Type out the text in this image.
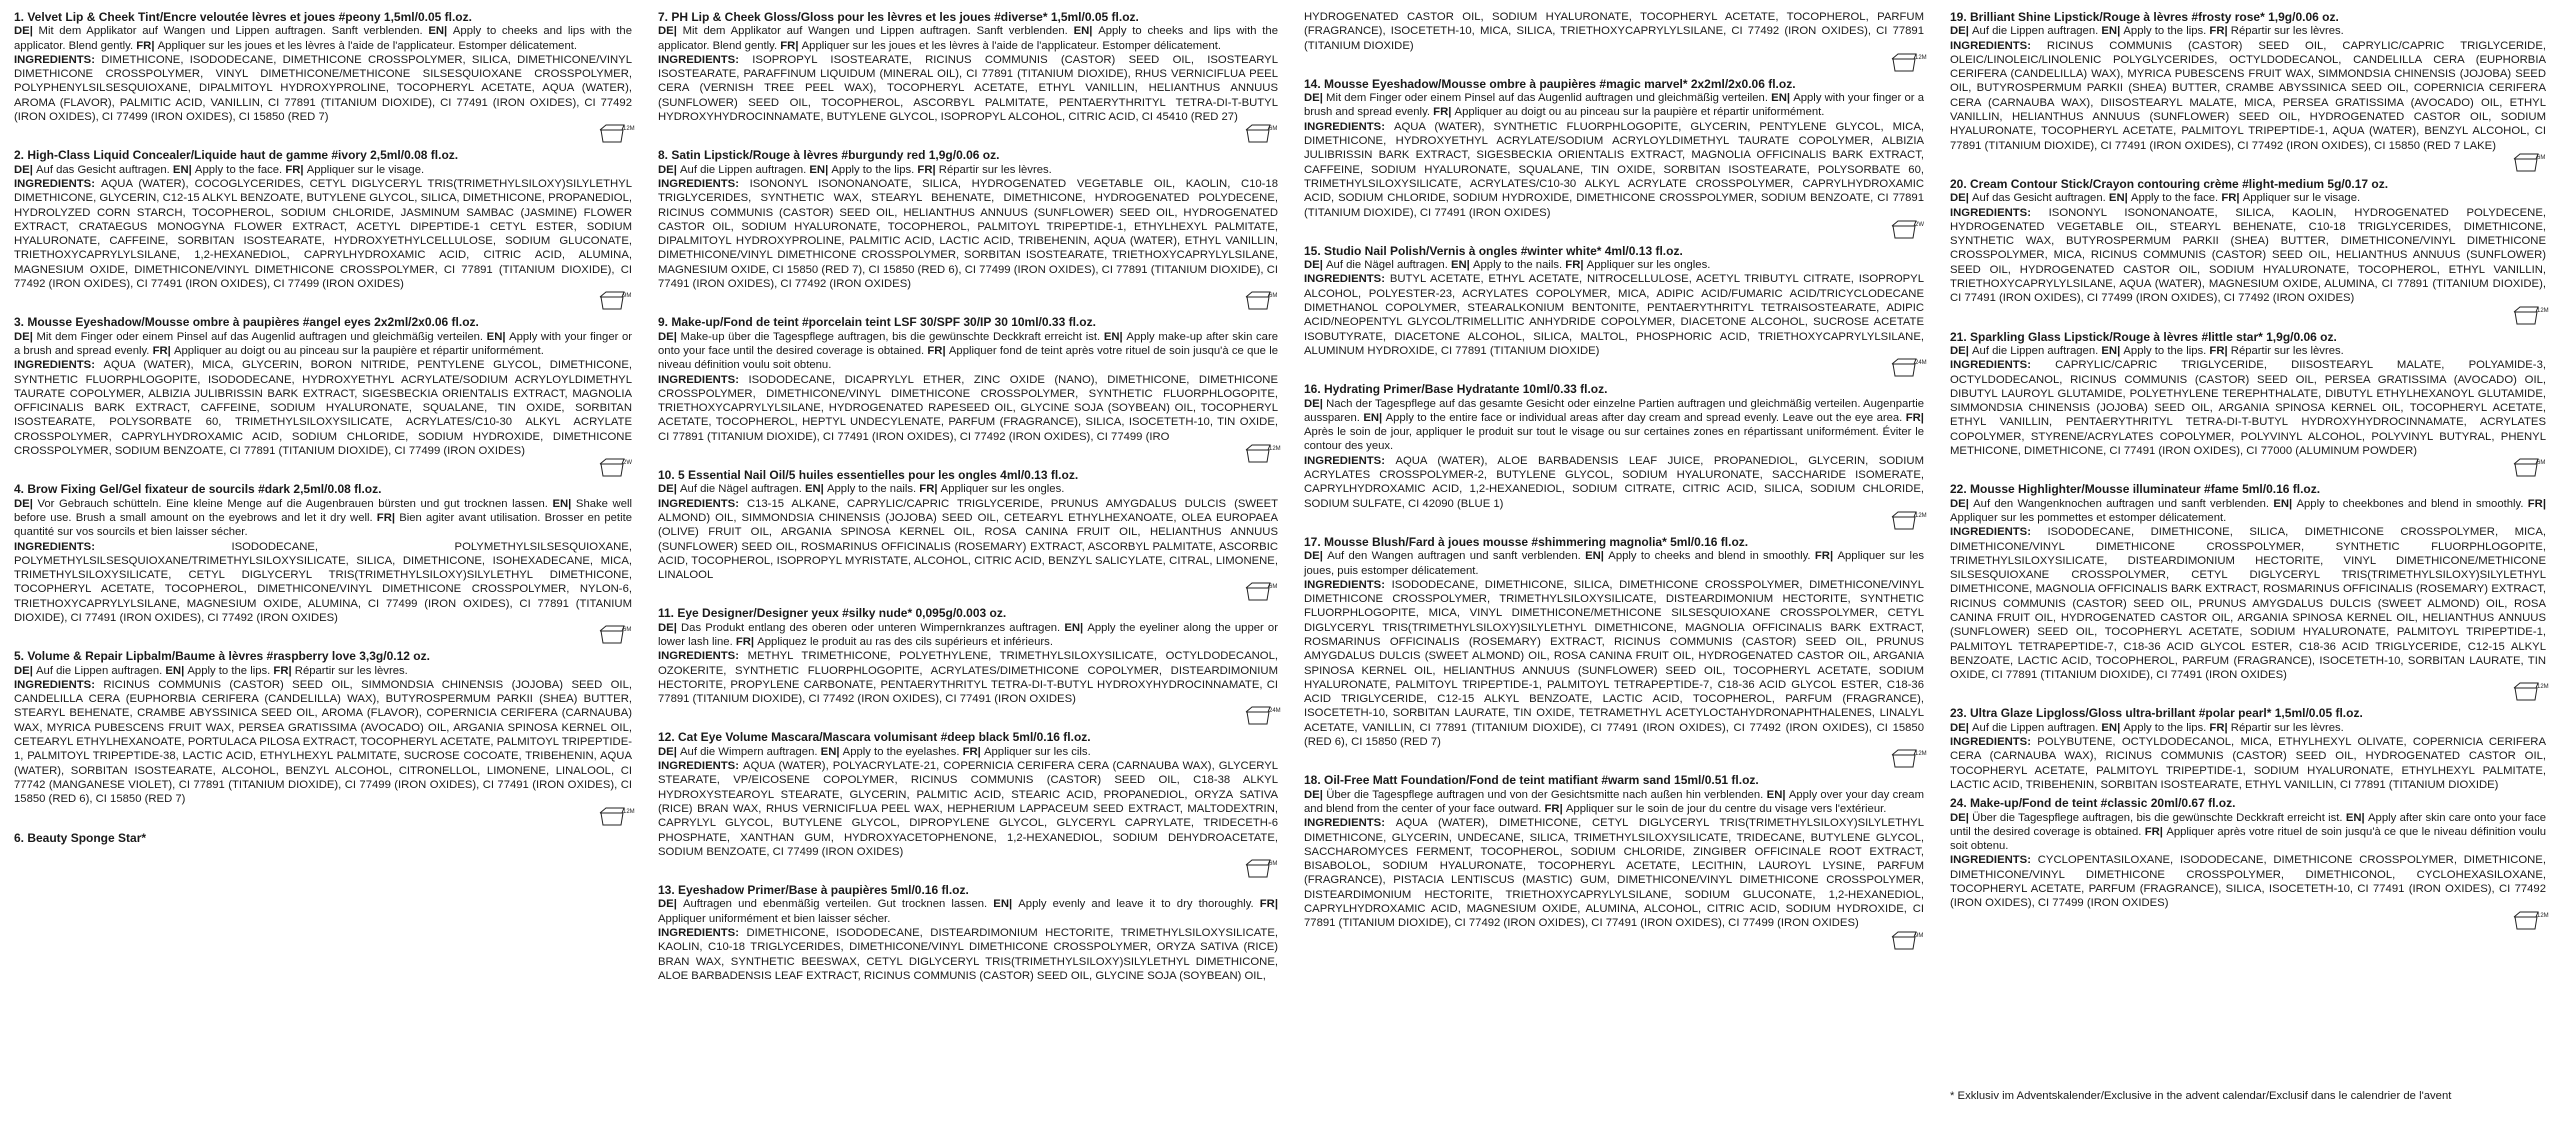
1. Velvet Lip & Cheek Tint/Encre veloutée lèvres et joues #peony 1,5ml/0.05 fl.oz.
DE| Mit dem Applikator auf Wangen und Lippen auftragen. Sanft verblenden. EN| Apply to cheeks and lips with the applicator. Blend gently. FR| Appliquer sur les joues et les lèvres à l'aide de l'applicateur. Estomper délicatement.
INGREDIENTS: DIMETHICONE, ISODODECANE, DIMETHICONE CROSSPOLYMER, SILICA, DIMETHICONE/VINYL DIMETHICONE CROSSPOLYMER, VINYL DIMETHICONE/METHICONE SILSESQUIOXANE CROSSPOLYMER, POLYPHENYLSILSESQUIOXANE, DIPALMITOYL HYDROXYPROLINE, TOCOPHERYL ACETATE, AQUA (WATER), AROMA (FLAVOR), PALMITIC ACID, VANILLIN, CI 77891 (TITANIUM DIOXIDE), CI 77491 (IRON OXIDES), CI 77492 (IRON OXIDES), CI 77499 (IRON OXIDES), CI 15850 (RED 7)
12M
2. High-Class Liquid Concealer/Liquide haut de gamme #ivory 2,5ml/0.08 fl.oz.
DE| Auf das Gesicht auftragen. EN| Apply to the face. FR| Appliquer sur le visage.
INGREDIENTS: AQUA (WATER), COCOGLYCERIDES, CETYL DIGLYCERYL TRIS(TRIMETHYLSILOXY)SILYLETHYL DIMETHICONE, GLYCERIN, C12-15 ALKYL BENZOATE, BUTYLENE GLYCOL, SILICA, DIMETHICONE, PROPANEDIOL, HYDROLYZED CORN STARCH, TOCOPHEROL, SODIUM CHLORIDE, JASMINUM SAMBAC (JASMINE) FLOWER EXTRACT, CRATAEGUS MONOGYNA FLOWER EXTRACT, ACETYL DIPEPTIDE-1 CETYL ESTER, SODIUM HYALURONATE, CAFFEINE, SORBITAN ISOSTEARATE, HYDROXYETHYLCELLULOSE, SODIUM GLUCONATE, TRIETHOXYCAPRYLYLSILANE, 1,2-HEXANEDIOL, CAPRYLHYDROXAMIC ACID, CITRIC ACID, ALUMINA, MAGNESIUM OXIDE, DIMETHICONE/VINYL DIMETHICONE CROSSPOLYMER, CI 77891 (TITANIUM DIOXIDE), CI 77492 (IRON OXIDES), CI 77491 (IRON OXIDES), CI 77499 (IRON OXIDES)
9M
3. Mousse Eyeshadow/Mousse ombre à paupières #angel eyes 2x2ml/2x0.06 fl.oz.
DE| Mit dem Finger oder einem Pinsel auf das Augenlid auftragen und gleichmäßig verteilen. EN| Apply with your finger or a brush and spread evenly. FR| Appliquer au doigt ou au pinceau sur la paupière et répartir uniformément.
INGREDIENTS: AQUA (WATER), MICA, GLYCERIN, BORON NITRIDE, PENTYLENE GLYCOL, DIMETHICONE, SYNTHETIC FLUORPHLOGOPITE, ISODODECANE, HYDROXYETHYL ACRYLATE/SODIUM ACRYLOYLDIMETHYL TAURATE COPOLYMER, ALBIZIA JULIBRISSIN BARK EXTRACT, SIGESBECKIA ORIENTALIS EXTRACT, MAGNOLIA OFFICINALIS BARK EXTRACT, CAFFEINE, SODIUM HYALURONATE, SQUALANE, TIN OXIDE, SORBITAN ISOSTEARATE, POLYSORBATE 60, TRIMETHYLSILOXYSILICATE, ACRYLATES/C10-30 ALKYL ACRYLATE CROSSPOLYMER, CAPRYLHYDROXAMIC ACID, SODIUM CHLORIDE, SODIUM HYDROXIDE, DIMETHICONE CROSSPOLYMER, SODIUM BENZOATE, CI 77891 (TITANIUM DIOXIDE), CI 77499 (IRON OXIDES)
2W
4. Brow Fixing Gel/Gel fixateur de sourcils #dark 2,5ml/0.08 fl.oz.
DE| Vor Gebrauch schütteln. Eine kleine Menge auf die Augenbrauen bürsten und gut trocknen lassen. EN| Shake well before use. Brush a small amount on the eyebrows and let it dry well. FR| Bien agiter avant utilisation. Brosser en petite quantité sur vos sourcils et bien laisser sécher.
INGREDIENTS: ISODODECANE, POLYMETHYLSILSESQUIOXANE, POLYMETHYLSILSESQUIOXANE/TRIMETHYLSILOXYSILICATE, SILICA, DIMETHICONE, ISOHEXADECANE, MICA, TRIMETHYLSILOXYSILICATE, CETYL DIGLYCERYL TRIS(TRIMETHYLSILOXY)SILYLETHYL DIMETHICONE, TOCOPHERYL ACETATE, TOCOPHEROL, DIMETHICONE/VINYL DIMETHICONE CROSSPOLYMER, NYLON-6, TRIETHOXYCAPRYLYLSILANE, MAGNESIUM OXIDE, ALUMINA, CI 77499 (IRON OXIDES), CI 77891 (TITANIUM DIOXIDE), CI 77491 (IRON OXIDES), CI 77492 (IRON OXIDES)
6M
5. Volume & Repair Lipbalm/Baume à lèvres #raspberry love 3,3g/0.12 oz.
DE| Auf die Lippen auftragen. EN| Apply to the lips. FR| Répartir sur les lèvres.
INGREDIENTS: RICINUS COMMUNIS (CASTOR) SEED OIL, SIMMONDSIA CHINENSIS (JOJOBA) SEED OIL, CANDELILLA CERA (EUPHORBIA CERIFERA (CANDELILLA) WAX), BUTYROSPERMUM PARKII (SHEA) BUTTER, STEARYL BEHENATE, CRAMBE ABYSSINICA SEED OIL, AROMA (FLAVOR), COPERNICIA CERIFERA (CARNAUBA) WAX, MYRICA PUBESCENS FRUIT WAX, PERSEA GRATISSIMA (AVOCADO) OIL, ARGANIA SPINOSA KERNEL OIL, CETEARYL ETHYLHEXANOATE, PORTULACA PILOSA EXTRACT, TOCOPHERYL ACETATE, PALMITOYL TRIPEPTIDE-1, PALMITOYL TRIPEPTIDE-38, LACTIC ACID, ETHYLHEXYL PALMITATE, SUCROSE COCOATE, TRIBEHENIN, AQUA (WATER), SORBITAN ISOSTEARATE, ALCOHOL, BENZYL ALCOHOL, CITRONELLOL, LIMONENE, LINALOOL, CI 77742 (MANGANESE VIOLET), CI 77891 (TITANIUM DIOXIDE), CI 77499 (IRON OXIDES), CI 77491 (IRON OXIDES), CI 15850 (RED 6), CI 15850 (RED 7)
12M
6. Beauty Sponge Star*
7. PH Lip & Cheek Gloss/Gloss pour les lèvres et les joues #diverse* 1,5ml/0.05 fl.oz.
DE| Mit dem Applikator auf Wangen und Lippen auftragen. Sanft verblenden. EN| Apply to cheeks and lips with the applicator. Blend gently. FR| Appliquer sur les joues et les lèvres à l'aide de l'applicateur. Estomper délicatement.
INGREDIENTS: ISOPROPYL ISOSTEARATE, RICINUS COMMUNIS (CASTOR) SEED OIL, ISOSTEARYL ISOSTEARATE, PARAFFINUM LIQUIDUM (MINERAL OIL), CI 77891 (TITANIUM DIOXIDE), RHUS VERNICIFLUA PEEL CERA (VERNISH TREE PEEL WAX), TOCOPHERYL ACETATE, ETHYL VANILLIN, HELIANTHUS ANNUUS (SUNFLOWER) SEED OIL, TOCOPHEROL, ASCORBYL PALMITATE, PENTAERYTHRITYL TETRA-DI-T-BUTYL HYDROXYHYDROCINNAMATE, BUTYLENE GLYCOL, ISOPROPYL ALCOHOL, CITRIC ACID, CI 45410 (RED 27)
6M
8. Satin Lipstick/Rouge à lèvres #burgundy red 1,9g/0.06 oz.
DE| Auf die Lippen auftragen. EN| Apply to the lips. FR| Répartir sur les lèvres.
INGREDIENTS: ISONONYL ISONONANOATE, SILICA, HYDROGENATED VEGETABLE OIL, KAOLIN, C10-18 TRIGLYCERIDES, SYNTHETIC WAX, STEARYL BEHENATE, DIMETHICONE, HYDROGENATED POLYDECENE, RICINUS COMMUNIS (CASTOR) SEED OIL, HELIANTHUS ANNUUS (SUNFLOWER) SEED OIL, HYDROGENATED CASTOR OIL, SODIUM HYALURONATE, TOCOPHEROL, PALMITOYL TRIPEPTIDE-1, ETHYLHEXYL PALMITATE, DIPALMITOYL HYDROXYPROLINE, PALMITIC ACID, LACTIC ACID, TRIBEHENIN, AQUA (WATER), ETHYL VANILLIN, DIMETHICONE/VINYL DIMETHICONE CROSSPOLYMER, SORBITAN ISOSTEARATE, TRIETHOXYCAPRYLYLSILANE, MAGNESIUM OXIDE, CI 15850 (RED 7), CI 15850 (RED 6), CI 77499 (IRON OXIDES), CI 77891 (TITANIUM DIOXIDE), CI 77491 (IRON OXIDES), CI 77492 (IRON OXIDES)
6M
9. Make-up/Fond de teint #porcelain teint LSF 30/SPF 30/IP 30 10ml/0.33 fl.oz.
DE| Make-up über die Tagespflege auftragen, bis die gewünschte Deckkraft erreicht ist. EN| Apply make-up after skin care onto your face until the desired coverage is obtained. FR| Appliquer fond de teint après votre rituel de soin jusqu'à ce que le niveau définition voulu soit obtenu.
INGREDIENTS: ISODODECANE, DICAPRYLYL ETHER, ZINC OXIDE (NANO), DIMETHICONE, DIMETHICONE CROSSPOLYMER, DIMETHICONE/VINYL DIMETHICONE CROSSPOLYMER, SYNTHETIC FLUORPHLOGOPITE, TRIETHOXYCAPRYLYLSILANE, HYDROGENATED RAPESEED OIL, GLYCINE SOJA (SOYBEAN) OIL, TOCOPHERYL ACETATE, TOCOPHEROL, HEPTYL UNDECYLENATE, PARFUM (FRAGRANCE), SILICA, ISOCETETH-10, TIN OXIDE, CI 77891 (TITANIUM DIOXIDE), CI 77491 (IRON OXIDES), CI 77492 (IRON OXIDES), CI 77499 (IRO
12M
10. 5 Essential Nail Oil/5 huiles essentielles pour les ongles 4ml/0.13 fl.oz.
DE| Auf die Nägel auftragen. EN| Apply to the nails. FR| Appliquer sur les ongles.
INGREDIENTS: C13-15 ALKANE, CAPRYLIC/CAPRIC TRIGLYCERIDE, PRUNUS AMYGDALUS DULCIS (SWEET ALMOND) OIL, SIMMONDSIA CHINENSIS (JOJOBA) SEED OIL, CETEARYL ETHYLHEXANOATE, OLEA EUROPAEA (OLIVE) FRUIT OIL, ARGANIA SPINOSA KERNEL OIL, ROSA CANINA FRUIT OIL, HELIANTHUS ANNUUS (SUNFLOWER) SEED OIL, ROSMARINUS OFFICINALIS (ROSEMARY) EXTRACT, ASCORBYL PALMITATE, ASCORBIC ACID, TOCOPHEROL, ISOPROPYL MYRISTATE, ALCOHOL, CITRIC ACID, BENZYL SALICYLATE, CITRAL, LIMONENE, LINALOOL
6M
11. Eye Designer/Designer yeux #silky nude* 0,095g/0.003 oz.
DE| Das Produkt entlang des oberen oder unteren Wimpernkranzes auftragen. EN| Apply the eyeliner along the upper or lower lash line. FR| Appliquez le produit au ras des cils supérieurs et inférieurs.
INGREDIENTS: METHYL TRIMETHICONE, POLYETHYLENE, TRIMETHYLSILOXYSILICATE, OCTYLDODECANOL, OZOKERITE, SYNTHETIC FLUORPHLOGOPITE, ACRYLATES/DIMETHICONE COPOLYMER, DISTEARDIMONIUM HECTORITE, PROPYLENE CARBONATE, PENTAERYTHRITYL TETRA-DI-T-BUTYL HYDROXYHYDROCINNAMATE, CI 77891 (TITANIUM DIOXIDE), CI 77492 (IRON OXIDES), CI 77491 (IRON OXIDES)
24M
12. Cat Eye Volume Mascara/Mascara volumisant #deep black 5ml/0.16 fl.oz.
DE| Auf die Wimpern auftragen. EN| Apply to the eyelashes. FR| Appliquer sur les cils.
INGREDIENTS: AQUA (WATER), POLYACRYLATE-21, COPERNICIA CERIFERA CERA (CARNAUBA WAX), GLYCERYL STEARATE, VP/EICOSENE COPOLYMER, RICINUS COMMUNIS (CASTOR) SEED OIL, C18-38 ALKYL HYDROXYSTEAROYL STEARATE, GLYCERIN, PALMITIC ACID, STEARIC ACID, PROPANEDIOL, ORYZA SATIVA (RICE) BRAN WAX, RHUS VERNICIFLUA PEEL WAX, HEPHERIUM LAPPACEUM SEED EXTRACT, MALTODEXTRIN, CAPRYLYL GLYCOL, BUTYLENE GLYCOL, DIPROPYLENE GLYCOL, GLYCERYL CAPRYLATE, TRIDECETH-6 PHOSPHATE, XANTHAN GUM, HYDROXYACETOPHENONE, 1,2-HEXANEDIOL, SODIUM DEHYDROACETATE, SODIUM BENZOATE, CI 77499 (IRON OXIDES)
6M
13. Eyeshadow Primer/Base à paupières 5ml/0.16 fl.oz.
DE| Auftragen und ebenmäßig verteilen. Gut trocknen lassen. EN| Apply evenly and leave it to dry thoroughly. FR| Appliquer uniformément et bien laisser sécher.
INGREDIENTS: DIMETHICONE, ISODODECANE, DISTEARDIMONIUM HECTORITE, TRIMETHYLSILOXYSILICATE, KAOLIN, C10-18 TRIGLYCERIDES, DIMETHICONE/VINYL DIMETHICONE CROSSPOLYMER, ORYZA SATIVA (RICE) BRAN WAX, SYNTHETIC BEESWAX, CETYL DIGLYCERYL TRIS(TRIMETHYLSILOXY)SILYLETHYL DIMETHICONE, ALOE BARBADENSIS LEAF EXTRACT, RICINUS COMMUNIS (CASTOR) SEED OIL, GLYCINE SOJA (SOYBEAN) OIL,
HYDROGENATED CASTOR OIL, SODIUM HYALURONATE, TOCOPHERYL ACETATE, TOCOPHEROL, PARFUM (FRAGRANCE), ISOCETETH-10, MICA, SILICA, TRIETHOXYCAPRYLYLSILANE, CI 77492 (IRON OXIDES), CI 77891 (TITANIUM DIOXIDE)
12M
14. Mousse Eyeshadow/Mousse ombre à paupières #magic marvel* 2x2ml/2x0.06 fl.oz.
DE| Mit dem Finger oder einem Pinsel auf das Augenlid auftragen und gleichmäßig verteilen. EN| Apply with your finger or a brush and spread evenly. FR| Appliquer au doigt ou au pinceau sur la paupière et répartir uniformément.
INGREDIENTS: AQUA (WATER), SYNTHETIC FLUORPHLOGOPITE, GLYCERIN, PENTYLENE GLYCOL, MICA, DIMETHICONE, HYDROXYETHYL ACRYLATE/SODIUM ACRYLOYLDIMETHYL TAURATE COPOLYMER, ALBIZIA JULIBRISSIN BARK EXTRACT, SIGESBECKIA ORIENTALIS EXTRACT, MAGNOLIA OFFICINALIS BARK EXTRACT, CAFFEINE, SODIUM HYALURONATE, SQUALANE, TIN OXIDE, SORBITAN ISOSTEARATE, POLYSORBATE 60, TRIMETHYLSILOXYSILICATE, ACRYLATES/C10-30 ALKYL ACRYLATE CROSSPOLYMER, CAPRYLHYDROXAMIC ACID, SODIUM CHLORIDE, SODIUM HYDROXIDE, DIMETHICONE CROSSPOLYMER, SODIUM BENZOATE, CI 77891 (TITANIUM DIOXIDE), CI 77491 (IRON OXIDES)
2W
15. Studio Nail Polish/Vernis à ongles #winter white* 4ml/0.13 fl.oz.
DE| Auf die Nägel auftragen. EN| Apply to the nails. FR| Appliquer sur les ongles.
INGREDIENTS: BUTYL ACETATE, ETHYL ACETATE, NITROCELLULOSE, ACETYL TRIBUTYL CITRATE, ISOPROPYL ALCOHOL, POLYESTER-23, ACRYLATES COPOLYMER, MICA, ADIPIC ACID/FUMARIC ACID/TRICYCLODECANE DIMETHANOL COPOLYMER, STEARALKONIUM BENTONITE, PENTAERYTHRITYL TETRAISOSTEARATE, ADIPIC ACID/NEOPENTYL GLYCOL/TRIMELLITIC ANHYDRIDE COPOLYMER, DIACETONE ALCOHOL, SUCROSE ACETATE ISOBUTYRATE, DIACETONE ALCOHOL, SILICA, MALTOL, PHOSPHORIC ACID, TRIETHOXYCAPRYLYLSILANE, ALUMINUM HYDROXIDE, CI 77891 (TITANIUM DIOXIDE)
24M
16. Hydrating Primer/Base Hydratante 10ml/0.33 fl.oz.
DE| Nach der Tagespflege auf das gesamte Gesicht oder einzelne Partien auftragen und gleichmäßig verteilen. Augenpartie aussparen. EN| Apply to the entire face or individual areas after day cream and spread evenly. Leave out the eye area. FR| Après le soin de jour, appliquer le produit sur tout le visage ou sur certaines zones en répartissant uniformément. Éviter le contour des yeux.
INGREDIENTS: AQUA (WATER), ALOE BARBADENSIS LEAF JUICE, PROPANEDIOL, GLYCERIN, SODIUM ACRYLATES CROSSPOLYMER-2, BUTYLENE GLYCOL, SODIUM HYALURONATE, SACCHARIDE ISOMERATE, CAPRYLHYDROXAMIC ACID, 1,2-HEXANEDIOL, SODIUM CITRATE, CITRIC ACID, SILICA, SODIUM CHLORIDE, SODIUM SULFATE, CI 42090 (BLUE 1)
12M
17. Mousse Blush/Fard à joues mousse #shimmering magnolia* 5ml/0.16 fl.oz.
DE| Auf den Wangen auftragen und sanft verblenden. EN| Apply to cheeks and blend in smoothly. FR| Appliquer sur les joues, puis estomper délicatement.
INGREDIENTS: ISODODECANE, DIMETHICONE, SILICA, DIMETHICONE CROSSPOLYMER, DIMETHICONE/VINYL DIMETHICONE CROSSPOLYMER, TRIMETHYLSILOXYSILICATE, DISTEARDIMONIUM HECTORITE, SYNTHETIC FLUORPHLOGOPITE, MICA, VINYL DIMETHICONE/METHICONE SILSESQUIOXANE CROSSPOLYMER, CETYL DIGLYCERYL TRIS(TRIMETHYLSILOXY)SILYLETHYL DIMETHICONE, MAGNOLIA OFFICINALIS BARK EXTRACT, ROSMARINUS OFFICINALIS (ROSEMARY) EXTRACT, RICINUS COMMUNIS (CASTOR) SEED OIL, PRUNUS AMYGDALUS DULCIS (SWEET ALMOND) OIL, ROSA CANINA FRUIT OIL, HYDROGENATED CASTOR OIL, ARGANIA SPINOSA KERNEL OIL, HELIANTHUS ANNUUS (SUNFLOWER) SEED OIL, TOCOPHERYL ACETATE, SODIUM HYALURONATE, PALMITOYL TRIPEPTIDE-1, PALMITOYL TETRAPEPTIDE-7, C18-36 ACID GLYCOL ESTER, C18-36 ACID TRIGLYCERIDE, C12-15 ALKYL BENZOATE, LACTIC ACID, TOCOPHEROL, PARFUM (FRAGRANCE), ISOCETETH-10, SORBITAN LAURATE, TIN OXIDE, TETRAMETHYL ACETYLOCTAHYDRONAPHTHALENES, LINALYL ACETATE, VANILLIN, CI 77891 (TITANIUM DIOXIDE), CI 77491 (IRON OXIDES), CI 77492 (IRON OXIDES), CI 15850 (RED 6), CI 15850 (RED 7)
12M
18. Oil-Free Matt Foundation/Fond de teint matifiant #warm sand 15ml/0.51 fl.oz.
DE| Über die Tagespflege auftragen und von der Gesichtsmitte nach außen hin verblenden. EN| Apply over your day cream and blend from the center of your face outward. FR| Appliquer sur le soin de jour du centre du visage vers l'extérieur.
INGREDIENTS: AQUA (WATER), DIMETHICONE, CETYL DIGLYCERYL TRIS(TRIMETHYLSILOXY)SILYLETHYL DIMETHICONE, GLYCERIN, UNDECANE, SILICA, TRIMETHYLSILOXYSILICATE, TRIDECANE, BUTYLENE GLYCOL, SACCHAROMYCES FERMENT, TOCOPHEROL, SODIUM CHLORIDE, ZINGIBER OFFICINALE ROOT EXTRACT, BISABOLOL, SODIUM HYALURONATE, TOCOPHERYL ACETATE, LECITHIN, LAUROYL LYSINE, PARFUM (FRAGRANCE), PISTACIA LENTISCUS (MASTIC) GUM, DIMETHICONE/VINYL DIMETHICONE CROSSPOLYMER, DISTEARDIMONIUM HECTORITE, TRIETHOXYCAPRYLYLSILANE, SODIUM GLUCONATE, 1,2-HEXANEDIOL, CAPRYLHYDROXAMIC ACID, MAGNESIUM OXIDE, ALUMINA, ALCOHOL, CITRIC ACID, SODIUM HYDROXIDE, CI 77891 (TITANIUM DIOXIDE), CI 77492 (IRON OXIDES), CI 77491 (IRON OXIDES), CI 77499 (IRON OXIDES)
9M
19. Brilliant Shine Lipstick/Rouge à lèvres #frosty rose* 1,9g/0.06 oz.
DE| Auf die Lippen auftragen. EN| Apply to the lips. FR| Répartir sur les lèvres.
INGREDIENTS: RICINUS COMMUNIS (CASTOR) SEED OIL, CAPRYLIC/CAPRIC TRIGLYCERIDE, OLEIC/LINOLEIC/LINOLENIC POLYGLYCERIDES, OCTYLDODECANOL, CANDELILLA CERA (EUPHORBIA CERIFERA (CANDELILLA) WAX), MYRICA PUBESCENS FRUIT WAX, SIMMONDSIA CHINENSIS (JOJOBA) SEED OIL, BUTYROSPERMUM PARKII (SHEA) BUTTER, CRAMBE ABYSSINICA SEED OIL, COPERNICIA CERIFERA CERA (CARNAUBA WAX), DIISOSTEARYL MALATE, MICA, PERSEA GRATISSIMA (AVOCADO) OIL, ETHYL VANILLIN, HELIANTHUS ANNUUS (SUNFLOWER) SEED OIL, HYDROGENATED CASTOR OIL, SODIUM HYALURONATE, TOCOPHERYL ACETATE, PALMITOYL TRIPEPTIDE-1, AQUA (WATER), BENZYL ALCOHOL, CI 77891 (TITANIUM DIOXIDE), CI 77491 (IRON OXIDES), CI 77492 (IRON OXIDES), CI 15850 (RED 7 LAKE)
6M
20. Cream Contour Stick/Crayon contouring crème #light-medium 5g/0.17 oz.
DE| Auf das Gesicht auftragen. EN| Apply to the face. FR| Appliquer sur le visage.
INGREDIENTS: ISONONYL ISONONANOATE, SILICA, KAOLIN, HYDROGENATED POLYDECENE, HYDROGENATED VEGETABLE OIL, STEARYL BEHENATE, C10-18 TRIGLYCERIDES, DIMETHICONE, SYNTHETIC WAX, BUTYROSPERMUM PARKII (SHEA) BUTTER, DIMETHICONE/VINYL DIMETHICONE CROSSPOLYMER, MICA, RICINUS COMMUNIS (CASTOR) SEED OIL, HELIANTHUS ANNUUS (SUNFLOWER) SEED OIL, HYDROGENATED CASTOR OIL, SODIUM HYALURONATE, TOCOPHEROL, ETHYL VANILLIN, TRIETHOXYCAPRYLYLSILANE, AQUA (WATER), MAGNESIUM OXIDE, ALUMINA, CI 77891 (TITANIUM DIOXIDE), CI 77491 (IRON OXIDES), CI 77499 (IRON OXIDES), CI 77492 (IRON OXIDES)
12M
21. Sparkling Glass Lipstick/Rouge à lèvres #little star* 1,9g/0.06 oz.
DE| Auf die Lippen auftragen. EN| Apply to the lips. FR| Répartir sur les lèvres.
INGREDIENTS: CAPRYLIC/CAPRIC TRIGLYCERIDE, DIISOSTEARYL MALATE, POLYAMIDE-3, OCTYLDODECANOL, RICINUS COMMUNIS (CASTOR) SEED OIL, PERSEA GRATISSIMA (AVOCADO) OIL, DIBUTYL LAUROYL GLUTAMIDE, POLYETHYLENE TEREPHTHALATE, DIBUTYL ETHYLHEXANOYL GLUTAMIDE, SIMMONDSIA CHINENSIS (JOJOBA) SEED OIL, ARGANIA SPINOSA KERNEL OIL, TOCOPHERYL ACETATE, ETHYL VANILLIN, PENTAERYTHRITYL TETRA-DI-T-BUTYL HYDROXYHYDROCINNAMATE, ACRYLATES COPOLYMER, STYRENE/ACRYLATES COPOLYMER, POLYVINYL ALCOHOL, POLYVINYL BUTYRAL, PHENYL METHICONE, DIMETHICONE, CI 77491 (IRON OXIDES), CI 77000 (ALUMINUM POWDER)
6M
22. Mousse Highlighter/Mousse illuminateur #fame 5ml/0.16 fl.oz.
DE| Auf den Wangenknochen auftragen und sanft verblenden. EN| Apply to cheekbones and blend in smoothly. FR| Appliquer sur les pommettes et estomper délicatement.
INGREDIENTS: ISODODECANE, DIMETHICONE, SILICA, DIMETHICONE CROSSPOLYMER, MICA, DIMETHICONE/VINYL DIMETHICONE CROSSPOLYMER, SYNTHETIC FLUORPHLOGOPITE, TRIMETHYLSILOXYSILICATE, DISTEARDIMONIUM HECTORITE, VINYL DIMETHICONE/METHICONE SILSESQUIOXANE CROSSPOLYMER, CETYL DIGLYCERYL TRIS(TRIMETHYLSILOXY)SILYLETHYL DIMETHICONE, MAGNOLIA OFFICINALIS BARK EXTRACT, ROSMARINUS OFFICINALIS (ROSEMARY) EXTRACT, RICINUS COMMUNIS (CASTOR) SEED OIL, PRUNUS AMYGDALUS DULCIS (SWEET ALMOND) OIL, ROSA CANINA FRUIT OIL, HYDROGENATED CASTOR OIL, ARGANIA SPINOSA KERNEL OIL, HELIANTHUS ANNUUS (SUNFLOWER) SEED OIL, TOCOPHERYL ACETATE, SODIUM HYALURONATE, PALMITOYL TRIPEPTIDE-1, PALMITOYL TETRAPEPTIDE-7, C18-36 ACID GLYCOL ESTER, C18-36 ACID TRIGLYCERIDE, C12-15 ALKYL BENZOATE, LACTIC ACID, TOCOPHEROL, PARFUM (FRAGRANCE), ISOCETETH-10, SORBITAN LAURATE, TIN OXIDE, CI 77891 (TITANIUM DIOXIDE), CI 77491 (IRON OXIDES)
12M
23. Ultra Glaze Lipgloss/Gloss ultra-brillant #polar pearl* 1,5ml/0.05 fl.oz.
DE| Auf die Lippen auftragen. EN| Apply to the lips. FR| Répartir sur les lèvres.
INGREDIENTS: POLYBUTENE, OCTYLDODECANOL, MICA, ETHYLHEXYL OLIVATE, COPERNICIA CERIFERA CERA (CARNAUBA WAX), RICINUS COMMUNIS (CASTOR) SEED OIL, HYDROGENATED CASTOR OIL, TOCOPHERYL ACETATE, PALMITOYL TRIPEPTIDE-1, SODIUM HYALURONATE, ETHYLHEXYL PALMITATE, LACTIC ACID, TRIBEHENIN, SORBITAN ISOSTEARATE, ETHYL VANILLIN, CI 77891 (TITANIUM DIOXIDE)
24. Make-up/Fond de teint #classic 20ml/0.67 fl.oz.
DE| Über die Tagespflege auftragen, bis die gewünschte Deckkraft erreicht ist. EN| Apply after skin care onto your face until the desired coverage is obtained. FR| Appliquer après votre rituel de soin jusqu'à ce que le niveau définition voulu soit obtenu.
INGREDIENTS: CYCLOPENTASILOXANE, ISODODECANE, DIMETHICONE CROSSPOLYMER, DIMETHICONE, DIMETHICONE/VINYL DIMETHICONE CROSSPOLYMER, DIMETHICONOL, CYCLOHEXASILOXANE, TOCOPHERYL ACETATE, PARFUM (FRAGRANCE), SILICA, ISOCETETH-10, CI 77491 (IRON OXIDES), CI 77492 (IRON OXIDES), CI 77499 (IRON OXIDES)
12M
* Exklusiv im Adventskalender/Exclusive in the advent calendar/Exclusif dans le calendrier de l'avent
